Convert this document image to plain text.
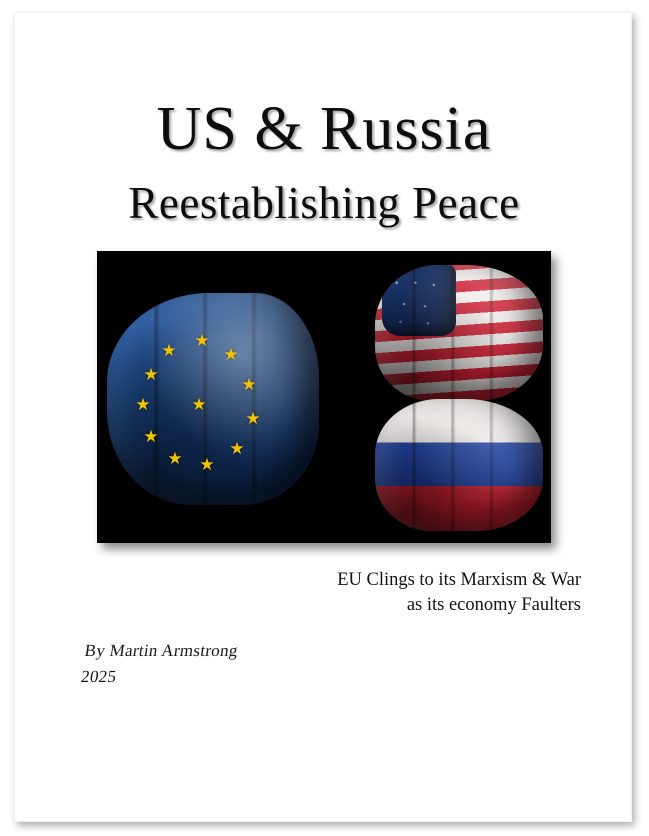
US & Russia
Reestablishing Peace
EU Clings to its Marxism & War
as its economy Faulters
By Martin Armstrong
2025
